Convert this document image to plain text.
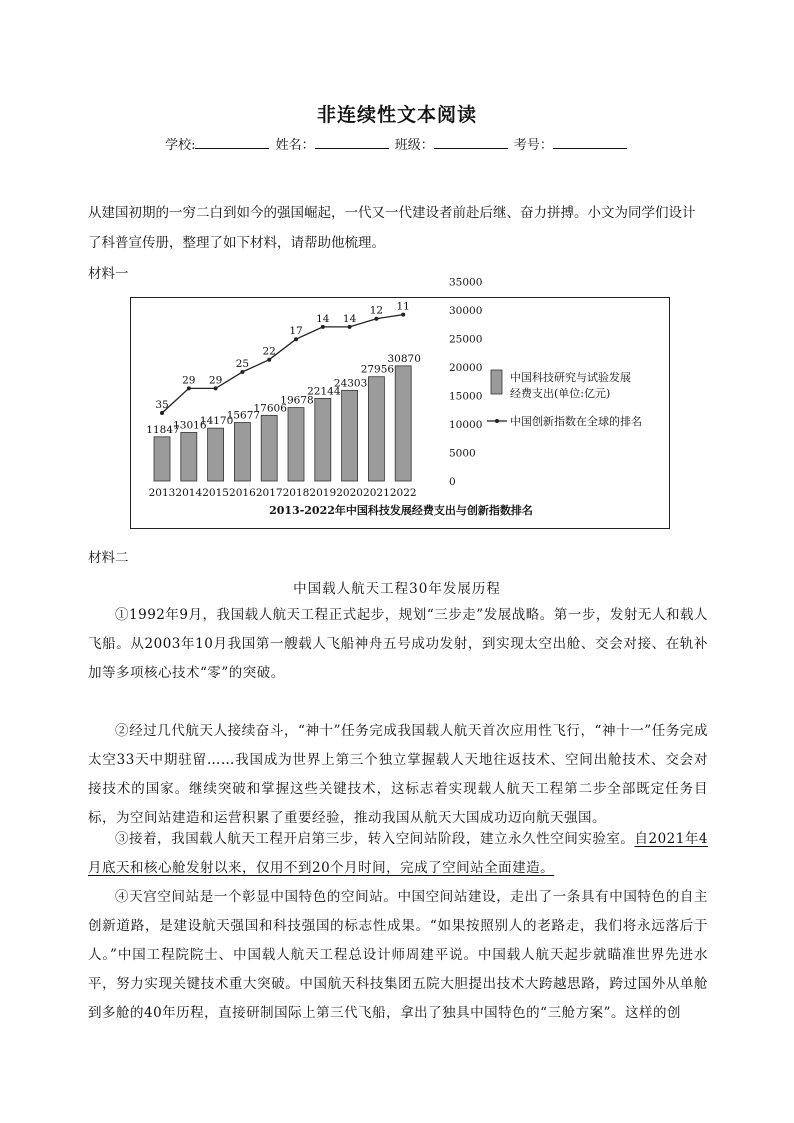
非连续性文本阅读
学校:	姓名：	班级：	考号：

从建国初期的一穷二白到如今的强国崛起，一代又一代建设者前赴后继、奋力拼搏。小文为同学们设计了科普宣传册，整理了如下材料，请帮助他梳理。

材料一
11847
2013
13016
2014
14170
2015
15677
2016
17606
2017
19678
2018
22144
2019
24303
2020
27956
2021
30870
2022
35
29 29
25
22
17
14 14
12 11
35000
30000
25000
20000
15000
10000
5000
0
中国科技研究与试验发展
经费支出(单位:亿元)
中国创新指数在全球的排名
2013-2022年中国科技发展经费支出与创新指数排名
材料二
中国载人航天工程30年发展历程

①1992年9月，我国载人航天工程正式起步，规划“三步走”发展战略。第一步，发射无人和载人飞船。从2003年10月我国第一艘载人飞船神舟五号成功发射，到实现太空出舱、交会对接、在轨补加等多项核心技术“零”的突破。

②经过几代航天人接续奋斗，“神十”任务完成我国载人航天首次应用性飞行，“神十一”任务完成太空33天中期驻留……我国成为世界上第三个独立掌握载人天地往返技术、空间出舱技术、交会对接技术的国家。继续突破和掌握这些关键技术，这标志着实现载人航天工程第二步全部既定任务目标，为空间站建造和运营积累了重要经验，推动我国从航天大国成功迈向航天强国。

③接着，我国载人航天工程开启第三步，转入空间站阶段，建立永久性空间实验室。自2021年4月底天和核心舱发射以来，仅用不到20个月时间，完成了空间站全面建造。

④天宫空间站是一个彰显中国特色的空间站。中国空间站建设，走出了一条具有中国特色的自主创新道路，是建设航天强国和科技强国的标志性成果。“如果按照别人的老路走，我们将永远落后于人。”中国工程院院士、中国载人航天工程总设计师周建平说。中国载人航天起步就瞄准世界先进水平，努力实现关键技术重大突破。中国航天科技集团五院大胆提出技术大跨越思路，跨过国外从单舱到多舱的40年历程，直接研制国际上第三代飞船，拿出了独具中国特色的“三舱方案”。这样的创
